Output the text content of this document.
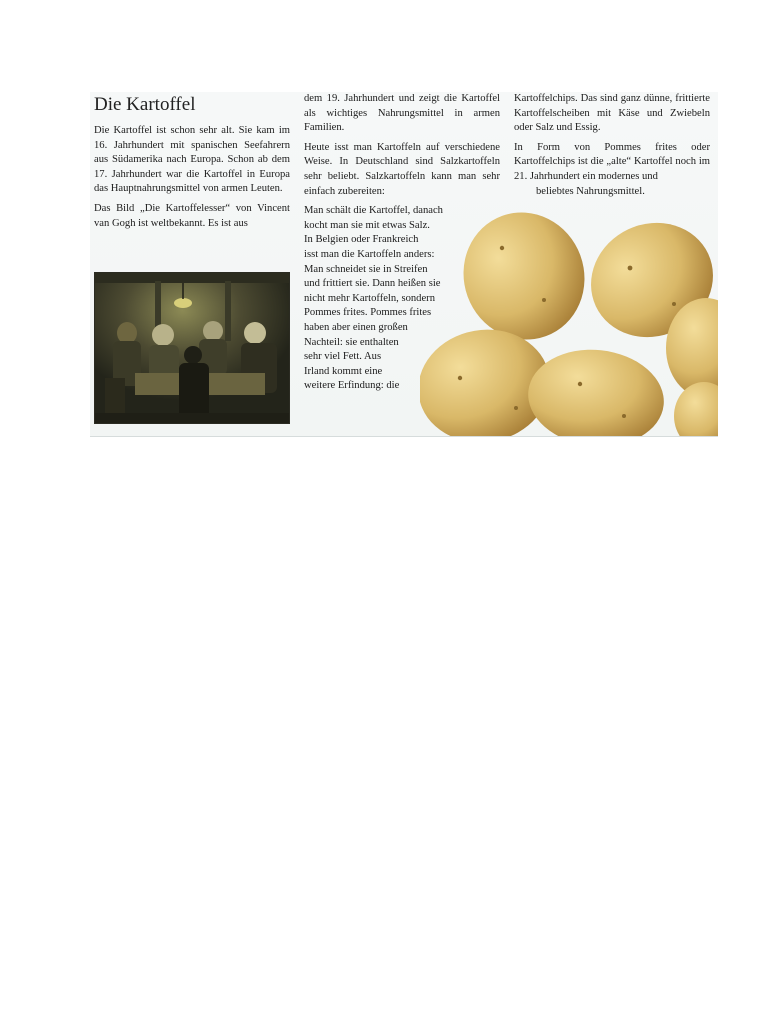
Die Kartoffel

Die Kartoffel ist schon sehr alt. Sie kam im 16. Jahrhundert mit spanischen Seefahrern aus Südamerika nach Europa. Schon ab dem 17. Jahrhundert war die Kartoffel in Europa das Hauptnahrungsmittel von armen Leuten.

Das Bild „Die Kartoffelesser“ von Vincent van Gogh ist weltbekannt. Es ist aus

dem 19. Jahrhundert und zeigt die Kartoffel als wichtiges Nahrungsmittel in armen Familien.

Heute isst man Kartoffeln auf verschiedene Weise. In Deutschland sind Salzkartoffeln sehr beliebt. Salzkartoffeln kann man sehr einfach zubereiten:

Man schält die Kartoffel, danach

kocht man sie mit etwas Salz.

In Belgien oder Frankreich

isst man die Kartoffeln anders:

Man schneidet sie in Streifen

und frittiert sie. Dann heißen sie

nicht mehr Kartoffeln, sondern

Pommes frites. Pommes frites

haben aber einen großen

Nachteil: sie enthalten

sehr viel Fett. Aus

Irland kommt eine

weitere Erfindung: die

Kartoffelchips. Das sind ganz dünne, frittierte Kartoffelscheiben mit Käse und Zwiebeln oder Salz und Essig.

In Form von Pommes frites oder Kartoffelchips ist die „alte“ Kartoffel noch im 21. Jahrhundert ein modernes und

beliebtes Nahrungsmittel.
